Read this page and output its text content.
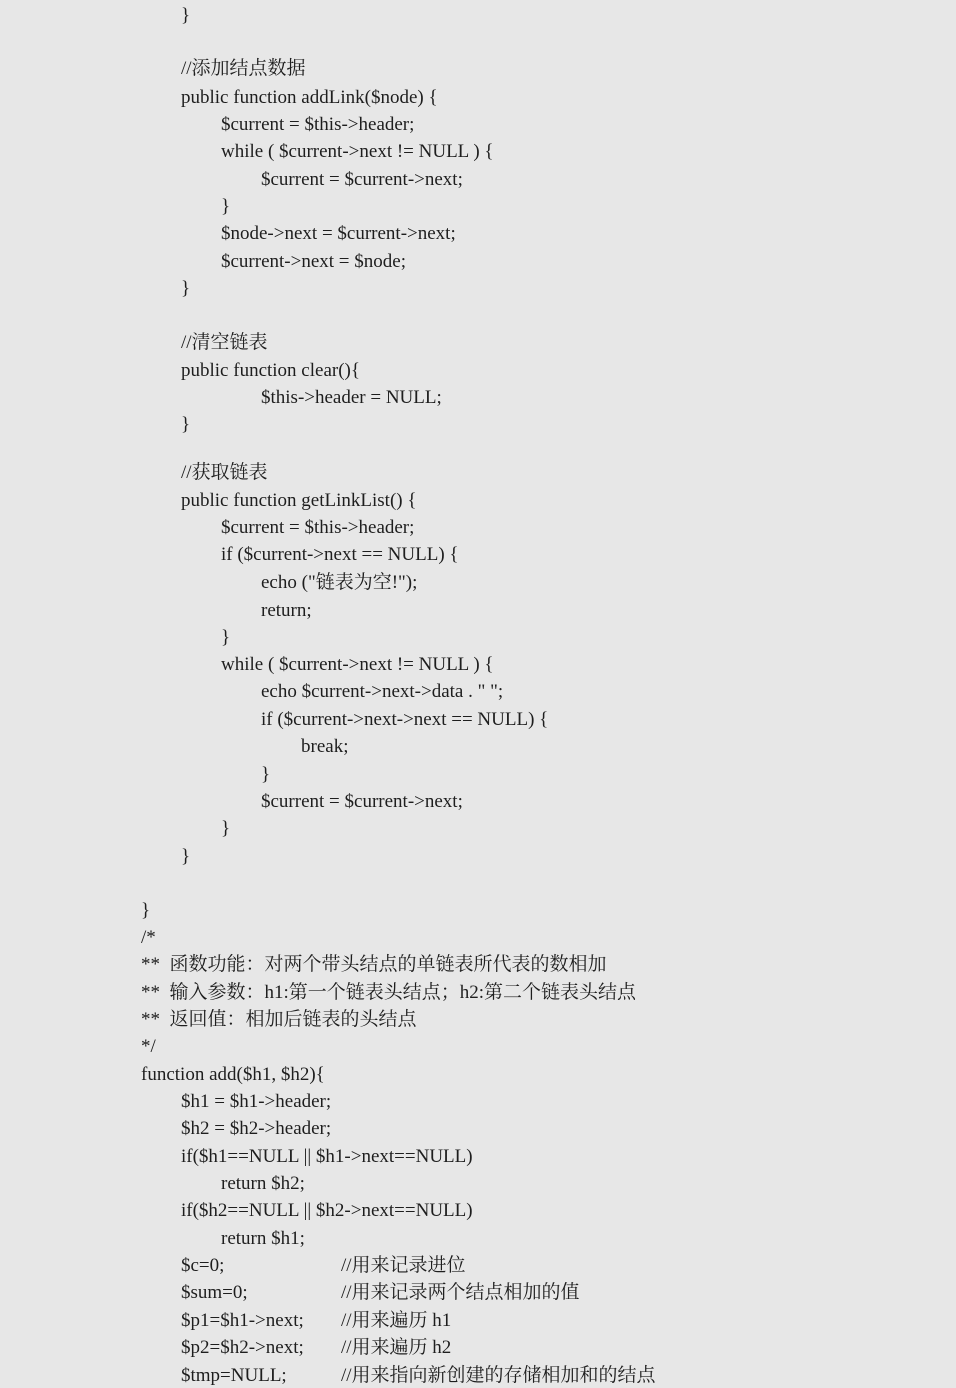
}
//添加结点数据
public function addLink($node) {
$current = $this->header;
while ( $current->next != NULL ) {
$current = $current->next;
}
$node->next = $current->next;
$current->next = $node;
}
//清空链表
public function clear(){
$this->header = NULL;
}
//获取链表
public function getLinkList() {
$current = $this->header;
if ($current->next == NULL) {
echo ("链表为空!");
return;
}
while ( $current->next != NULL ) {
echo $current->next->data . " ";
if ($current->next->next == NULL) {
break;
}
$current = $current->next;
}
}
}
/*
**  函数功能：对两个带头结点的单链表所代表的数相加
**  输入参数：h1:第一个链表头结点；h2:第二个链表头结点
**  返回值：相加后链表的头结点
*/
function add($h1, $h2){
$h1 = $h1->header;
$h2 = $h2->header;
if($h1==NULL || $h1->next==NULL)
return $h2;
if($h2==NULL || $h2->next==NULL)
return $h1;
$c=0;	//用来记录进位
$sum=0;	//用来记录两个结点相加的值
$p1=$h1->next; //用来遍历 h1
$p2=$h2->next; //用来遍历 h2
$tmp=NULL;	//用来指向新创建的存储相加和的结点
